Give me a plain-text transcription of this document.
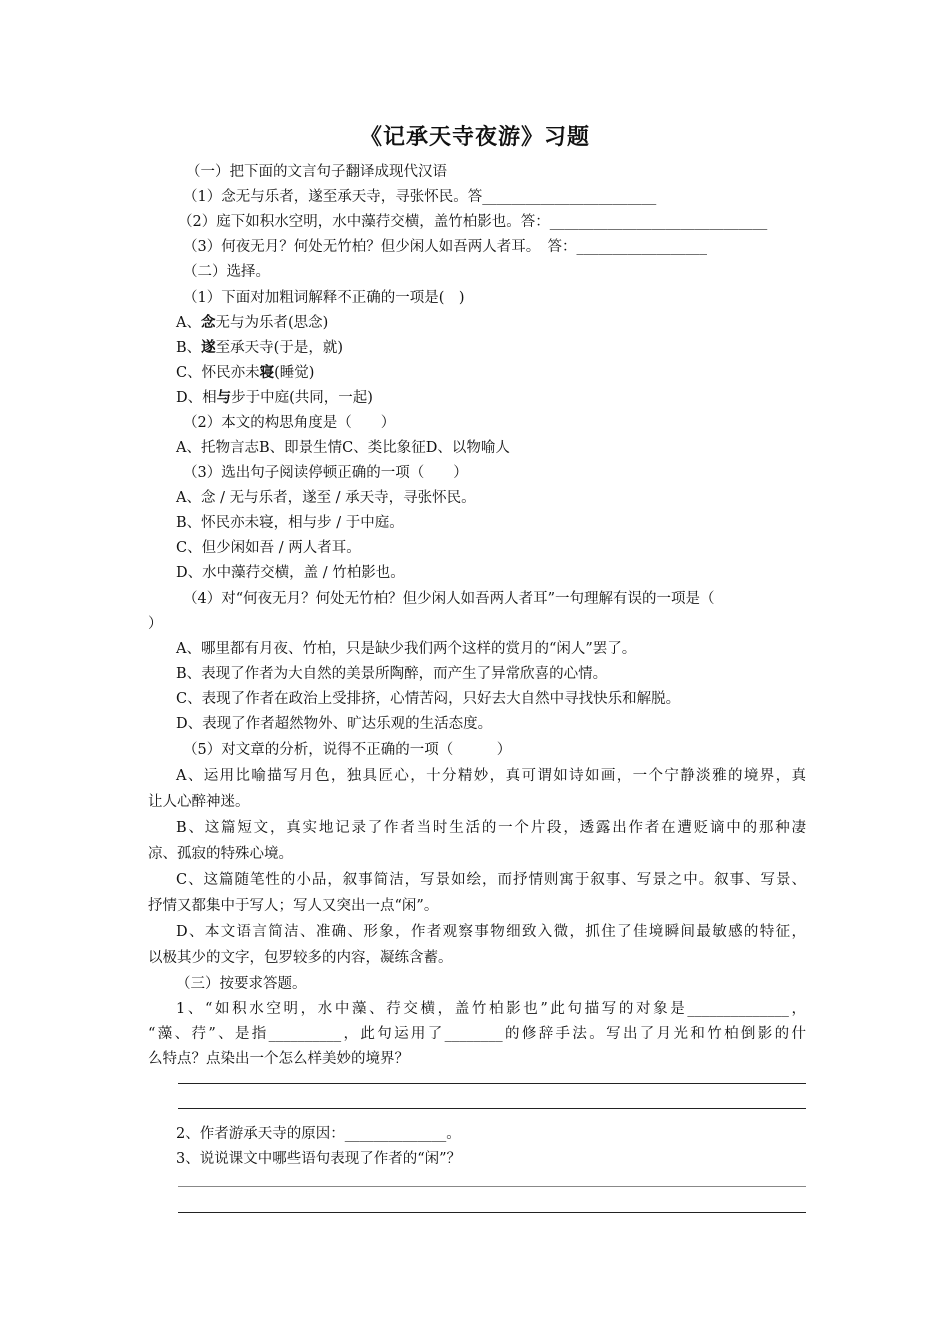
《记承天寺夜游》习题
（一）把下面的文言句子翻译成现代汉语
（1）念无与乐者，遂至承天寺，寻张怀民。答________________________
（2）庭下如积水空明，水中藻荇交横，盖竹柏影也。答：______________________________
（3）何夜无月？何处无竹柏？但少闲人如吾两人者耳。　答：__________________
（二）选择。
（1）下面对加粗词解释不正确的一项是(　)
A、念无与为乐者(思念)
B、遂至承天寺(于是，就)
C、怀民亦未寝(睡觉)
D、相与步于中庭(共同，一起)
（2）本文的构思角度是（　　）
A、托物言志B、即景生情C、类比象征D、以物喻人
（3）选出句子阅读停顿正确的一项（　　）
A、念 / 无与乐者，遂至 / 承天寺，寻张怀民。
B、怀民亦未寝，相与步 / 于中庭。
C、但少闲如吾 / 两人者耳。
D、水中藻荇交横，盖 / 竹柏影也。
（4）对“何夜无月？何处无竹柏？但少闲人如吾两人者耳”一句理解有误的一项是（
）
A、哪里都有月夜、竹柏，只是缺少我们两个这样的赏月的“闲人”罢了。
B、表现了作者为大自然的美景所陶醉，而产生了异常欣喜的心情。
C、表现了作者在政治上受排挤，心情苦闷，只好去大自然中寻找快乐和解脱。
D、表现了作者超然物外、旷达乐观的生活态度。
（5）对文章的分析，说得不正确的一项（　　　）
A、运用比喻描写月色，独具匠心，十分精妙，真可谓如诗如画，一个宁静淡雅的境界，真
让人心醉神迷。
B、这篇短文，真实地记录了作者当时生活的一个片段，透露出作者在遭贬谪中的那种凄
凉、孤寂的特殊心境。
C、这篇随笔性的小品，叙事简洁，写景如绘，而抒情则寓于叙事、写景之中。叙事、写景、
抒情又都集中于写人；写人又突出一点“闲”。
D、本文语言简洁、准确、形象，作者观察事物细致入微，抓住了佳境瞬间最敏感的特征，
以极其少的文字，包罗较多的内容，凝练含蓄。
（三）按要求答题。
1、“如积水空明，水中藻、荇交横，盖竹柏影也”此句描写的对象是______________，
“藻、荇”、是指__________，此句运用了________的修辞手法。写出了月光和竹柏倒影的什
么特点？点染出一个怎么样美妙的境界？
2、作者游承天寺的原因：______________。
3、说说课文中哪些语句表现了作者的“闲”？
